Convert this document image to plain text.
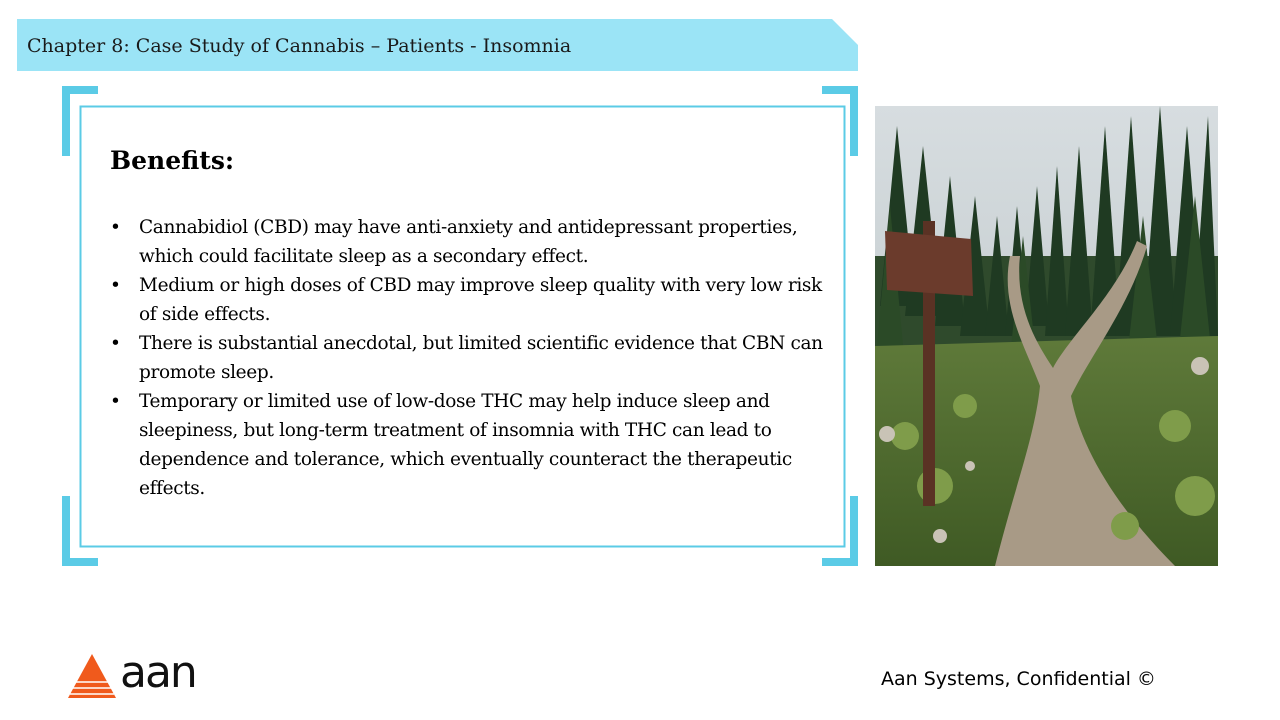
Chapter 8: Case Study of Cannabis – Patients - Insomnia
Benefits:
• Cannabidiol (CBD) may have anti-anxiety and antidepressant properties, which could facilitate sleep as a secondary effect.
• Medium or high doses of CBD may improve sleep quality with very low risk of side effects.
• There is substantial anecdotal, but limited scientific evidence that CBN can promote sleep.
• Temporary or limited use of low-dose THC may help induce sleep and sleepiness, but long-term treatment of insomnia with THC can lead to dependence and tolerance, which eventually counteract the therapeutic effects.
aan	Aan Systems, Confidential ©
